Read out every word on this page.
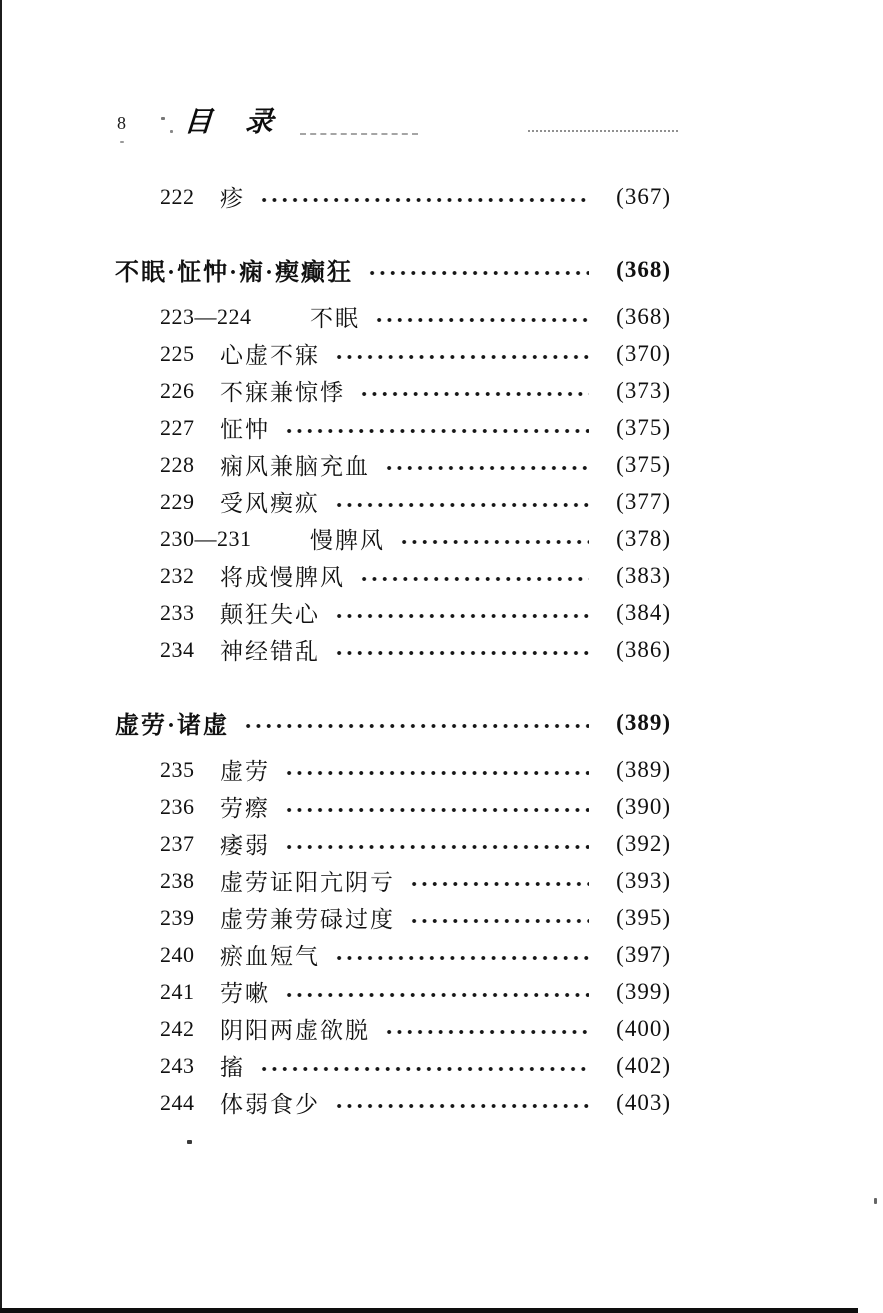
8 目 录
222	疹	(367)
不眠·怔忡·痫·瘈癫狂	(368)
223—224	不眠	(368)
225	心虚不寐	(370)
226	不寐兼惊悸	(373)
227	怔忡	(375)
228	痫风兼脑充血	(375)
229	受风瘈疭	(377)
230—231	慢脾风	(378)
232	将成慢脾风	(383)
233	颠狂失心	(384)
234	神经错乱	(386)
虚劳·诸虚	(389)
235	虚劳	(389)
236	劳瘵	(390)
237	痿弱	(392)
238	虚劳证阳亢阴亏	(393)
239	虚劳兼劳碌过度	(395)
240	瘀血短气	(397)
241	劳嗽	(399)
242	阴阳两虚欲脱	(400)
243	搐	(402)
244	体弱食少	(403)
